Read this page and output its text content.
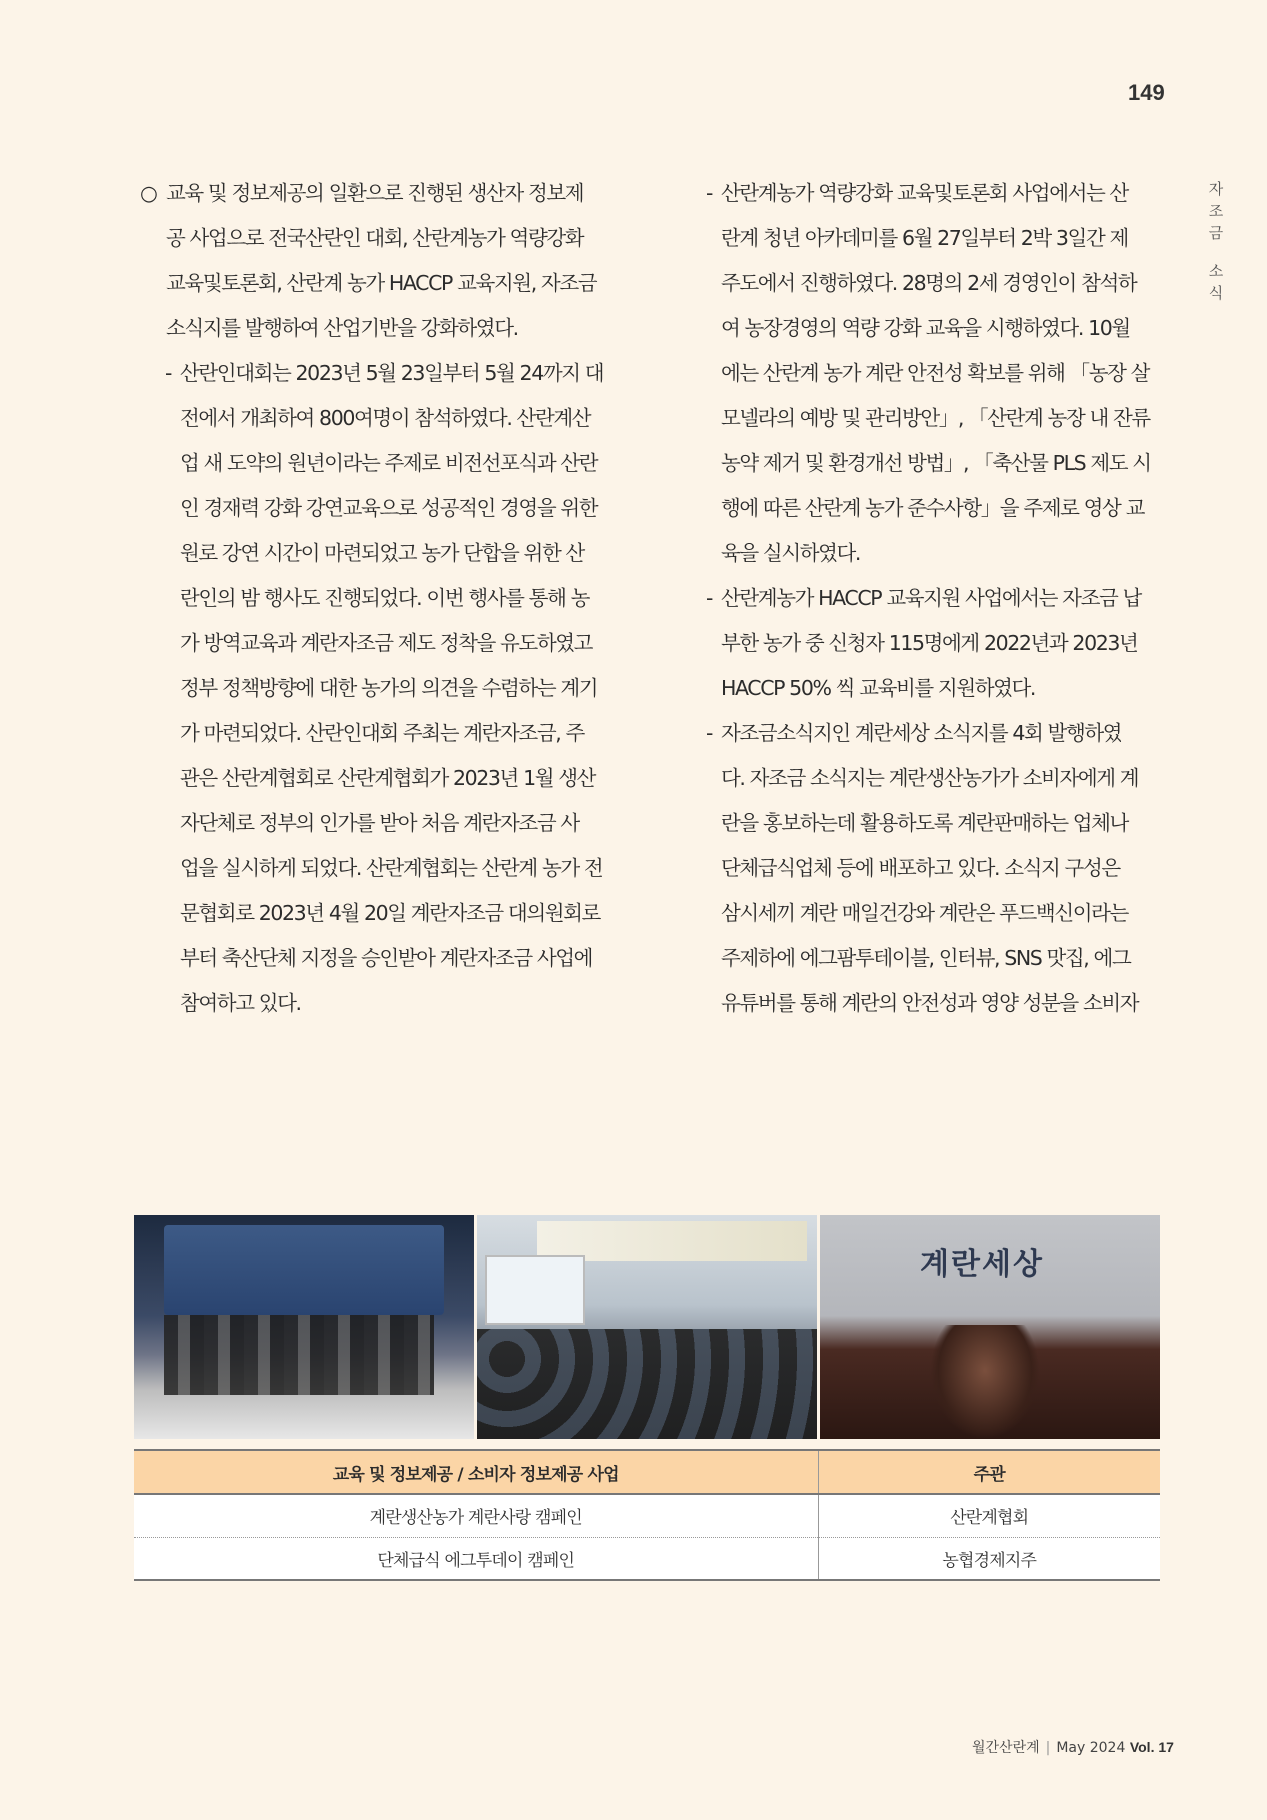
149
자
조
금
소
식
○ 교육 및 정보제공의 일환으로 진행된 생산자 정보제
공 사업으로 전국산란인 대회, 산란계농가 역량강화
교육및토론회, 산란계 농가 HACCP 교육지원, 자조금
소식지를 발행하여 산업기반을 강화하였다.
- 산란인대회는 2023년 5월 23일부터 5월 24까지 대
전에서 개최하여 800여명이 참석하였다. 산란계산
업 새 도약의 원년이라는 주제로 비전선포식과 산란
인 경재력 강화 강연교육으로 성공적인 경영을 위한
원로 강연 시간이 마련되었고 농가 단합을 위한 산
란인의 밤 행사도 진행되었다. 이번 행사를 통해 농
가 방역교육과 계란자조금 제도 정착을 유도하였고
정부 정책방향에 대한 농가의 의견을 수렴하는 계기
가 마련되었다. 산란인대회 주최는 계란자조금, 주
관은 산란계협회로 산란계협회가 2023년 1월 생산
자단체로 정부의 인가를 받아 처음 계란자조금 사
업을 실시하게 되었다. 산란계협회는 산란계 농가 전
문협회로 2023년 4월 20일 계란자조금 대의원회로
부터 축산단체 지정을 승인받아 계란자조금 사업에
참여하고 있다.
- 산란계농가 역량강화 교육및토론회 사업에서는 산
란계 청년 아카데미를 6월 27일부터 2박 3일간 제
주도에서 진행하였다. 28명의 2세 경영인이 참석하
여 농장경영의 역량 강화 교육을 시행하였다. 10월
에는 산란계 농가 계란 안전성 확보를 위해 「농장 살
모넬라의 예방 및 관리방안」, 「산란계 농장 내 잔류
농약 제거 및 환경개선 방법」, 「축산물 PLS 제도 시
행에 따른 산란계 농가 준수사항」을 주제로 영상 교
육을 실시하였다.
- 산란계농가 HACCP 교육지원 사업에서는 자조금 납
부한 농가 중 신청자 115명에게 2022년과 2023년
HACCP 50% 씩 교육비를 지원하였다.
- 자조금소식지인 계란세상 소식지를 4회 발행하였
다. 자조금 소식지는 계란생산농가가 소비자에게 계
란을 홍보하는데 활용하도록 계란판매하는 업체나
단체급식업체 등에 배포하고 있다. 소식지 구성은
삼시세끼 계란 매일건강와 계란은 푸드백신이라는
주제하에 에그팜투테이블, 인터뷰, SNS 맛집, 에그
유튜버를 통해 계란의 안전성과 영양 성분을 소비자
계란세상
교육 및 정보제공 / 소비자 정보제공 사업	주관
계란생산농가 계란사랑 캠페인	산란계협회
단체급식 에그투데이 캠페인	농협경제지주
월간산란계 | May 2024 Vol. 17
